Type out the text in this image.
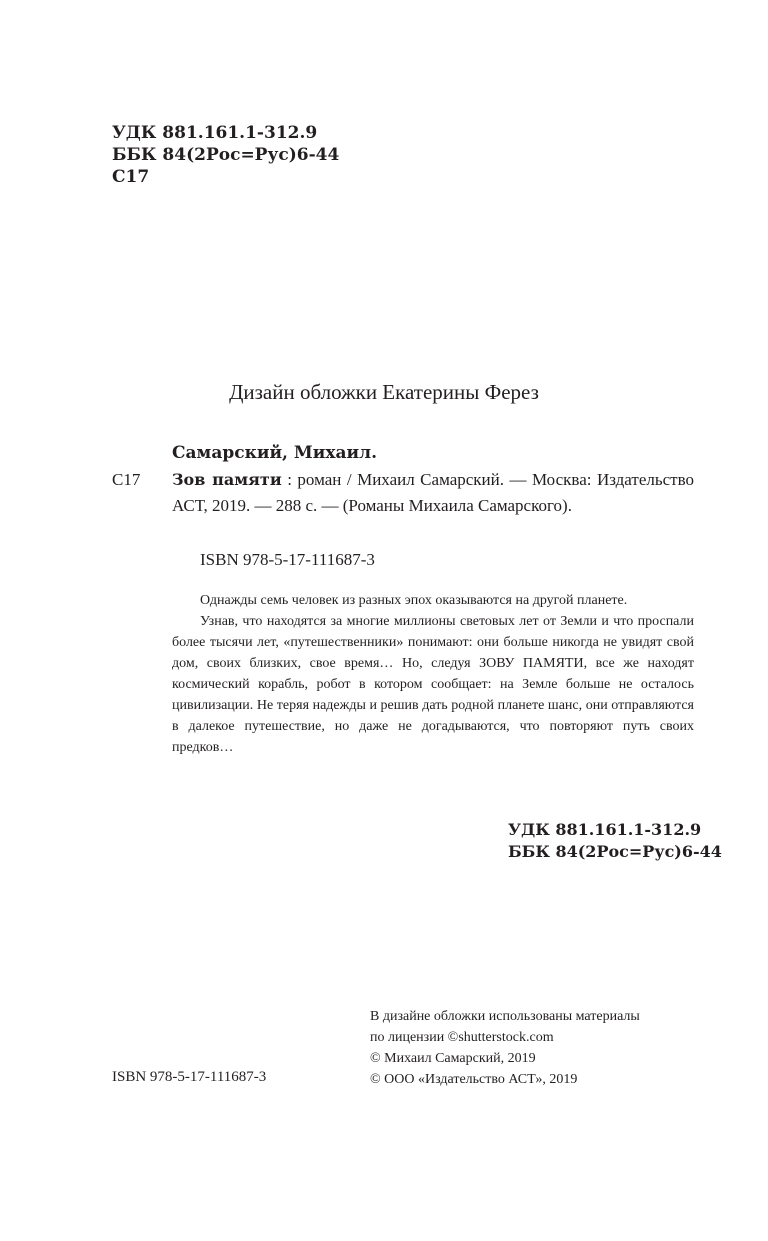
УДК 881.161.1-312.9
ББК 84(2Рос=Рус)6-44
С17
Дизайн обложки Екатерины Ферез
Самарский, Михаил.
С17 Зов памяти : роман / Михаил Самарский. — Москва: Издательство АСТ, 2019. — 288 с. — (Романы Михаила Самарского).
ISBN 978-5-17-111687-3

Однажды семь человек из разных эпох оказываются на другой планете.

Узнав, что находятся за многие миллионы световых лет от Земли и что проспали более тысячи лет, «путешественники» понимают: они больше никогда не увидят свой дом, своих близких, свое время… Но, следуя ЗОВУ ПАМЯТИ, все же находят космический корабль, робот в котором сообщает: на Земле больше не осталось цивилизации. Не теряя надежды и решив дать родной планете шанс, они отправляются в далекое путешествие, но даже не догадываются, что повторяют путь своих предков…

УДК 881.161.1-312.9
ББК 84(2Рос=Рус)6-44
В дизайне обложки использованы материалы
по лицензии ©shutterstock.com
© Михаил Самарский, 2019
© ООО «Издательство АСТ», 2019
ISBN 978-5-17-111687-3
